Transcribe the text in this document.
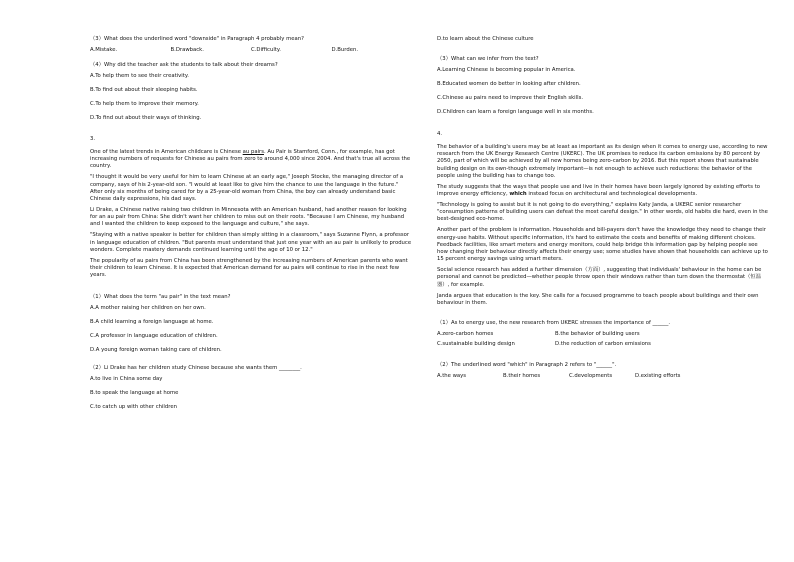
（3）What does the underlined word "downside" in Paragraph 4 probably mean?
A.Mistake.	B.Drawback.	C.Difficulty.	D.Burden.
（4）Why did the teacher ask the students to talk about their dreams?
A.To help them to see their creativity.
B.To find out about their sleeping habits.
C.To help them to improve their memory.
D.To find out about their ways of thinking.
3.
One of the latest trends in American childcare is Chinese au pairs. Au Pair is Stamford, Conn., for example, has got increasing numbers of requests for Chinese au pairs from zero to around 4,000 since 2004. And that's true all across the country.
"I thought it would be very useful for him to learn Chinese at an early age," Joseph Stocke, the managing director of a company, says of his 2-year-old son. "I would at least like to give him the chance to use the language in the future." After only six months of being cared for by a 25-year-old woman from China, the boy can already understand basic Chinese daily expressions, his dad says.
Li Drake, a Chinese native raising two children in Minnesota with an American husband, had another reason for looking for an au pair from China: She didn't want her children to miss out on their roots. "Because I am Chinese, my husband and I wanted the children to keep exposed to the language and culture," she says.
"Staying with a native speaker is better for children than simply sitting in a classroom," says Suzanne Flynn, a professor in language education of children. "But parents must understand that just one year with an au pair is unlikely to produce wonders. Complete mastery demands continued learning until the age of 10 or 12."
The popularity of au pairs from China has been strengthened by the increasing numbers of American parents who want their children to learn Chinese. It is expected that American demand for au pairs will continue to rise in the next few years.
（1）What does the term "au pair" in the text mean?
A.A mother raising her children on her own.
B.A child learning a foreign language at home.
C.A professor in language education of children.
D.A young foreign woman taking care of children.
（2）Li Drake has her children study Chinese because she wants them ________.
A.to live in China some day
B.to speak the language at home
C.to catch up with other children
D.to learn about the Chinese culture
（3）What can we infer from the text?
A.Learning Chinese is becoming popular in America.
B.Educated women do better in looking after children.
C.Chinese au pairs need to improve their English skills.
D.Children can learn a foreign language well in six months.
4.
The behavior of a building's users may be at least as important as its design when it comes to energy use, according to new research from the UK Energy Research Centre (UKERC). The UK promises to reduce its carbon emissions by 80 percent by 2050, part of which will be achieved by all new homes being zero-carbon by 2016. But this report shows that sustainable building design on its own-though extremely important—is not enough to achieve such reductions: the behavior of the people using the building has to change too.
The study suggests that the ways that people use and live in their homes have been largely ignored by existing efforts to improve energy efficiency, which instead focus on architectural and technological developments.
"Technology is going to assist but it is not going to do everything," explains Katy Janda, a UKERC senior researcher "consumption patterns of building users can defeat the most careful design." In other words, old habits die hard, even in the best-designed eco-home.
Another part of the problem is information. Households and bill-payers don't have the knowledge they need to change their energy-use habits. Without specific information, it's hard to estimate the costs and benefits of making different choices. Feedback facilities, like smart meters and energy monitors, could help bridge this information gap by helping people see how changing their behaviour directly affects their energy use; some studies have shown that households can achieve up to 15 percent energy savings using smart meters.
Social science research has added a further dimension（方面）, suggesting that individuals' behaviour in the home can be personal and cannot be predicted—whether people throw open their windows rather than turn down the thermostat（恒温器）, for example.
Janda argues that education is the key. She calls for a focused programme to teach people about buildings and their own behaviour in them.
（1）As to energy use, the new research from UKERC stresses the importance of ______.
A.zero-carbon homes	B.the behavior of building users
C.sustainable building design	D.the reduction of carbon emissions
（2）The underlined word "which" in Paragraph 2 refers to "______".
A.the ways	B.their homes	C.developments	D.existing efforts
